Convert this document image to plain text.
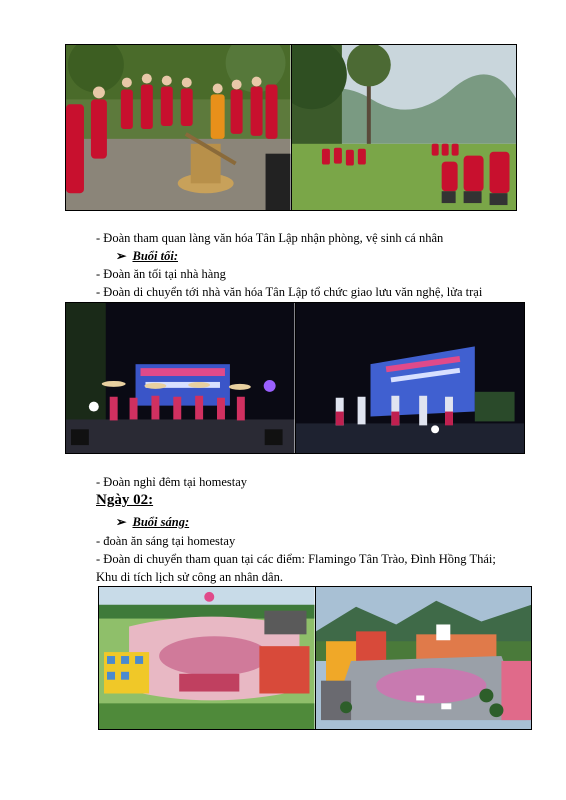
- Đoàn tham quan làng văn hóa Tân Lập nhận phòng, vệ sinh cá nhân
➢ Buổi tối:
- Đoàn ăn tối tại nhà hàng
- Đoàn di chuyển tới nhà văn hóa Tân Lập tổ chức giao lưu văn nghệ, lửa trại
- Đoàn nghỉ đêm tại homestay
Ngày 02:
➢ Buổi sáng:
- đoàn ăn sáng tại homestay
- Đoàn di chuyển tham quan tại các điểm: Flamingo Tân Trào, Đình Hồng Thái;
Khu di tích lịch sử công an nhân dân.
